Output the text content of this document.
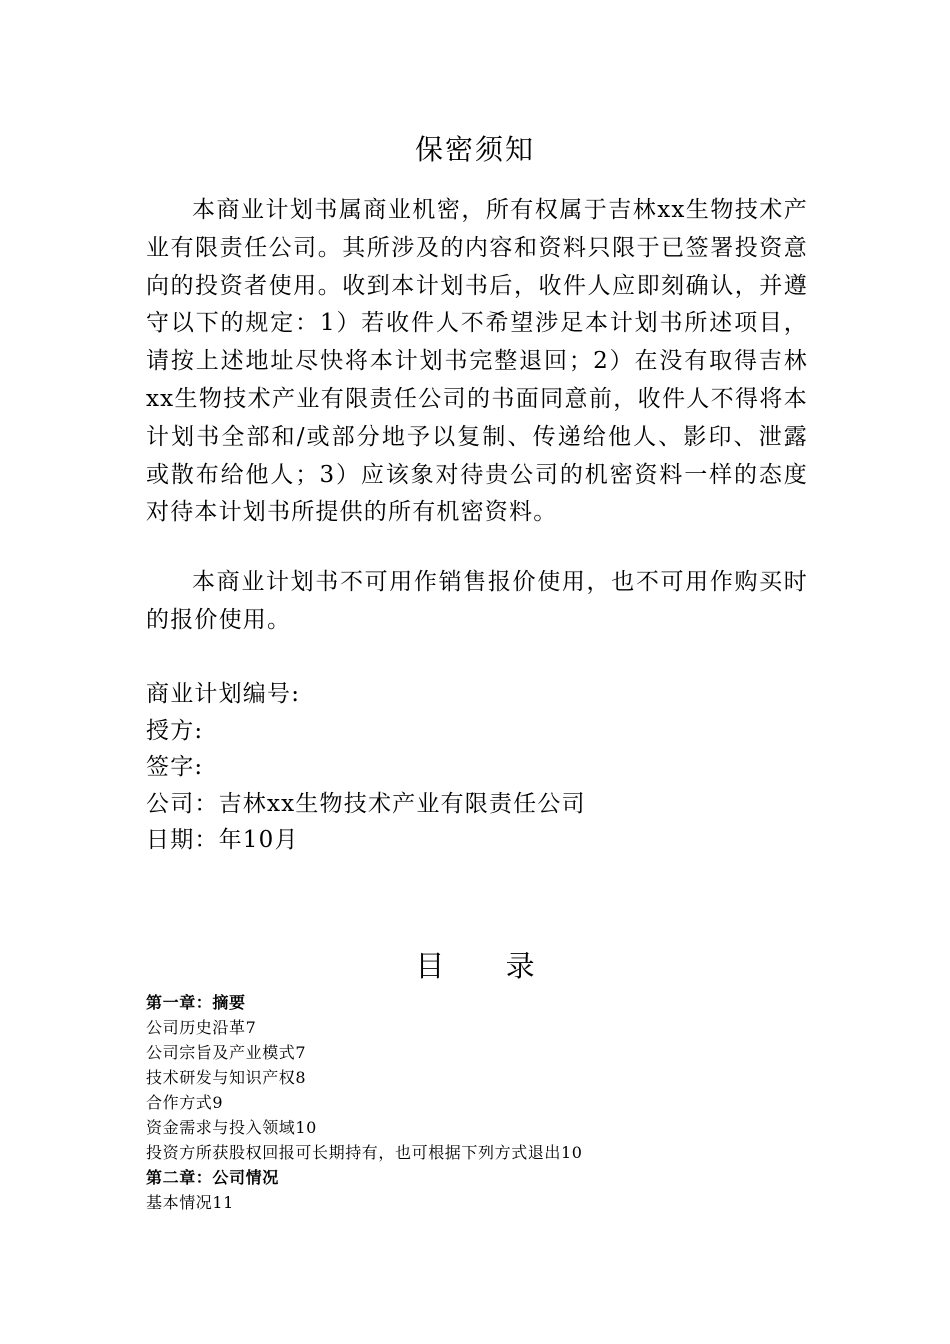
保密须知

本商业计划书属商业机密，所有权属于吉林xx生物技术产业有限责任公司。其所涉及的内容和资料只限于已签署投资意向的投资者使用。收到本计划书后，收件人应即刻确认，并遵守以下的规定：1）若收件人不希望涉足本计划书所述项目，请按上述地址尽快将本计划书完整退回；2）在没有取得吉林xx生物技术产业有限责任公司的书面同意前，收件人不得将本计划书全部和/或部分地予以复制、传递给他人、影印、泄露或散布给他人；3）应该象对待贵公司的机密资料一样的态度对待本计划书所提供的所有机密资料。

本商业计划书不可用作销售报价使用，也不可用作购买时的报价使用。

商业计划编号:
授方:
签字:
公司：吉林xx生物技术产业有限责任公司
日期：年10月
目 录
第一章：摘要
公司历史沿革7
公司宗旨及产业模式7
技术研发与知识产权8
合作方式9
资金需求与投入领域10
投资方所获股权回报可长期持有，也可根据下列方式退出10
第二章：公司情况
基本情况11
